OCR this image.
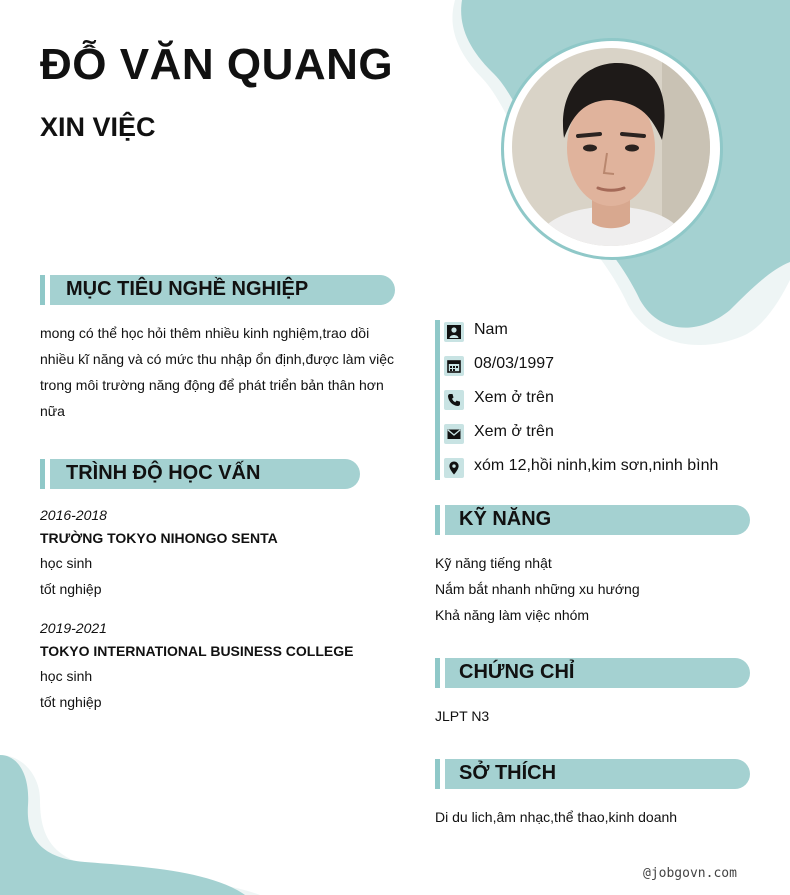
ĐỖ VĂN QUANG
XIN VIỆC
MỤC TIÊU NGHỀ NGHIỆP
mong có thể học hỏi thêm nhiều kinh nghiệm,trao dồi nhiều kĩ năng và có mức thu nhập ổn định,được làm việc trong môi trường năng động để phát triển bản thân hơn nữa
TRÌNH ĐỘ HỌC VẤN
2016-2018
TRƯỜNG TOKYO NIHONGO SENTA
học sinh
tốt nghiệp
2019-2021
TOKYO INTERNATIONAL BUSINESS COLLEGE
học sinh
tốt nghiệp
Nam
08/03/1997
Xem ở trên
Xem ở trên
xóm 12,hồi ninh,kim sơn,ninh bình
KỸ NĂNG
Kỹ năng tiếng nhật
Nắm bắt nhanh những xu hướng
Khả năng làm việc nhóm
CHỨNG CHỈ
JLPT N3
SỞ THÍCH
Di du lich,âm nhạc,thể thao,kinh doanh
@jobgovn.com
